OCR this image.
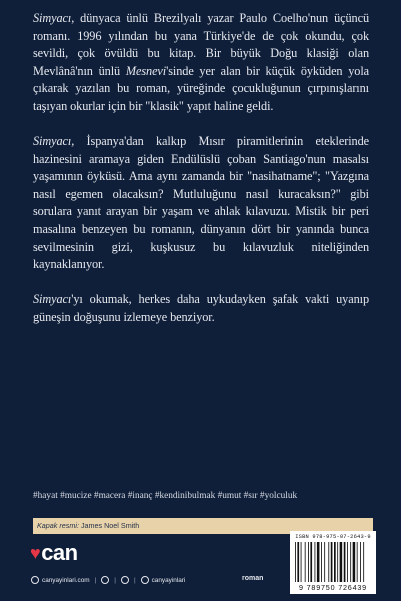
Simyacı, dünyaca ünlü Brezilyalı yazar Paulo Coelho'nun üçüncü romanı. 1996 yılından bu yana Türkiye'de de çok okundu, çok sevildi, çok övüldü bu kitap. Bir büyük Doğu klasiği olan Mevlânâ'nın ünlü Mesnevi'sinde yer alan bir küçük öyküden yola çıkarak yazılan bu roman, yüreğinde çocukluğunun çırpınışlarını taşıyan okurlar için bir "klasik" yapıt haline geldi.

Simyacı, İspanya'dan kalkıp Mısır piramitlerinin eteklerinde hazinesini aramaya giden Endülüslü çoban Santiago'nun masalsı yaşamının öyküsü. Ama aynı zamanda bir "nasihatname"; "Yazgına nasıl egemen olacaksın? Mutluluğunu nasıl kuracaksın?" gibi sorulara yanıt arayan bir yaşam ve ahlak kılavuzu. Mistik bir peri masalına benzeyen bu romanın, dünyanın dört bir yanında bunca sevilmesinin gizi, kuşkusuz bu kılavuzluk niteliğinden kaynaklanıyor.

Simyacı'yı okumak, herkes daha uykudayken şafak vakti uyanıp güneşin doğuşunu izlemeye benziyor.

#hayat #mucize #macera #inanç #kendinibulmak #umut #sır #yolculuk
Kapak resmi: James Noel Smith
♥ can
canyayinlari.com |	|	|	canyayinlari	roman
ISBN 978-975-07-2643-9
9 789750 726439
